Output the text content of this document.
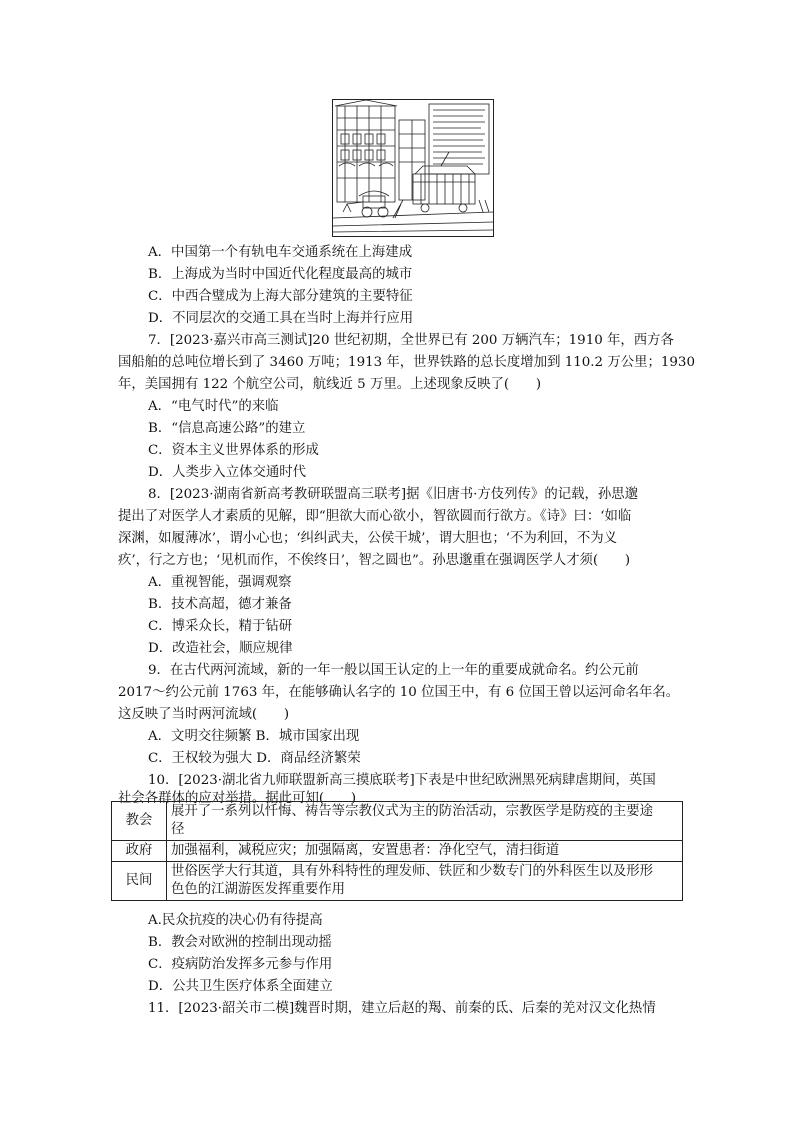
A．中国第一个有轨电车交通系统在上海建成
B．上海成为当时中国近代化程度最高的城市
C．中西合璧成为上海大部分建筑的主要特征
D．不同层次的交通工具在当时上海并行应用
7．[2023·嘉兴市高三测试]20 世纪初期，全世界已有 200 万辆汽车；1910 年，西方各
国船舶的总吨位增长到了 3460 万吨；1913 年，世界铁路的总长度增加到 110.2 万公里；1930
年，美国拥有 122 个航空公司，航线近 5 万里。上述现象反映了(　　)
A．“电气时代”的来临
B．“信息高速公路”的建立
C．资本主义世界体系的形成
D．人类步入立体交通时代
8．[2023·湖南省新高考教研联盟高三联考]据《旧唐书·方伎列传》的记载，孙思邈
提出了对医学人才素质的见解，即“胆欲大而心欲小，智欲圆而行欲方。《诗》曰：‘如临
深渊，如履薄冰’，谓小心也；‘纠纠武夫，公侯干城’，谓大胆也；‘不为利回，不为义
疚’，行之方也；‘见机而作，不俟终日’，智之圆也”。孙思邈重在强调医学人才须(　　)
A．重视智能，强调观察
B．技术高超，德才兼备
C．博采众长，精于钻研
D．改造社会，顺应规律
9．在古代两河流域，新的一年一般以国王认定的上一年的重要成就命名。约公元前
2017～约公元前 1763 年，在能够确认名字的 10 位国王中，有 6 位国王曾以运河命名年名。
这反映了当时两河流域(　　)
A．文明交往频繁 B．城市国家出现
C．王权较为强大 D．商品经济繁荣
10．[2023·湖北省九师联盟新高三摸底联考]下表是中世纪欧洲黑死病肆虐期间，英国
社会各群体的应对举措。据此可知(　　)
教会	展开了一系列以忏悔、祷告等宗教仪式为主的防治活动，宗教医学是防疫的主要途
径
政府	加强福利，减税应灾；加强隔离，安置患者：净化空气，清扫街道
民间	世俗医学大行其道，具有外科特性的理发师、铁匠和少数专门的外科医生以及形形
色色的江湖游医发挥重要作用
A.民众抗疫的决心仍有待提高
B．教会对欧洲的控制出现动摇
C．疫病防治发挥多元参与作用
D．公共卫生医疗体系全面建立
11．[2023·韶关市二模]魏晋时期，建立后赵的羯、前秦的氐、后秦的羌对汉文化热情
